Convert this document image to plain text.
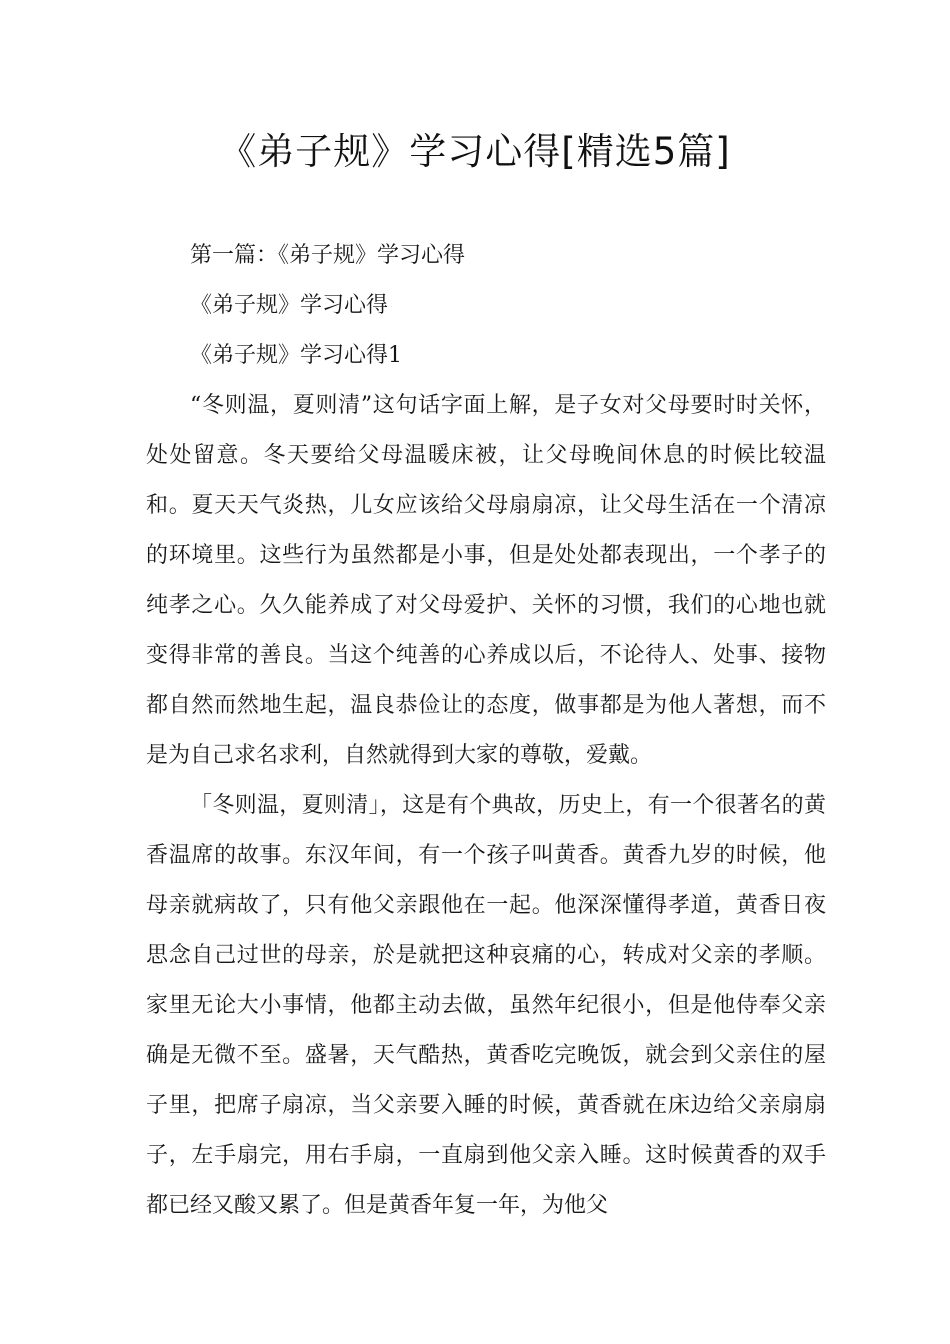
《弟子规》学习心得[精选5篇]

第一篇：《弟子规》学习心得

《弟子规》学习心得

《弟子规》学习心得1

“冬则温，夏则清”这句话字面上解，是子女对父母要时时关怀，处处留意。冬天要给父母温暖床被，让父母晚间休息的时候比较温和。夏天天气炎热，儿女应该给父母扇扇凉，让父母生活在一个清凉的环境里。这些行为虽然都是小事，但是处处都表现出，一个孝子的纯孝之心。久久能养成了对父母爱护、关怀的习惯，我们的心地也就变得非常的善良。当这个纯善的心养成以后，不论待人、处事、接物都自然而然地生起，温良恭俭让的态度，做事都是为他人著想，而不是为自己求名求利，自然就得到大家的尊敬，爱戴。

「冬则温，夏则清」，这是有个典故，历史上，有一个很著名的黄香温席的故事。东汉年间，有一个孩子叫黄香。黄香九岁的时候，他母亲就病故了，只有他父亲跟他在一起。他深深懂得孝道，黄香日夜思念自己过世的母亲，於是就把这种哀痛的心，转成对父亲的孝顺。家里无论大小事情，他都主动去做，虽然年纪很小，但是他侍奉父亲确是无微不至。盛暑，天气酷热，黄香吃完晚饭，就会到父亲住的屋子里，把席子扇凉，当父亲要入睡的时候，黄香就在床边给父亲扇扇子，左手扇完，用右手扇，一直扇到他父亲入睡。这时候黄香的双手都已经又酸又累了。但是黄香年复一年，为他父
